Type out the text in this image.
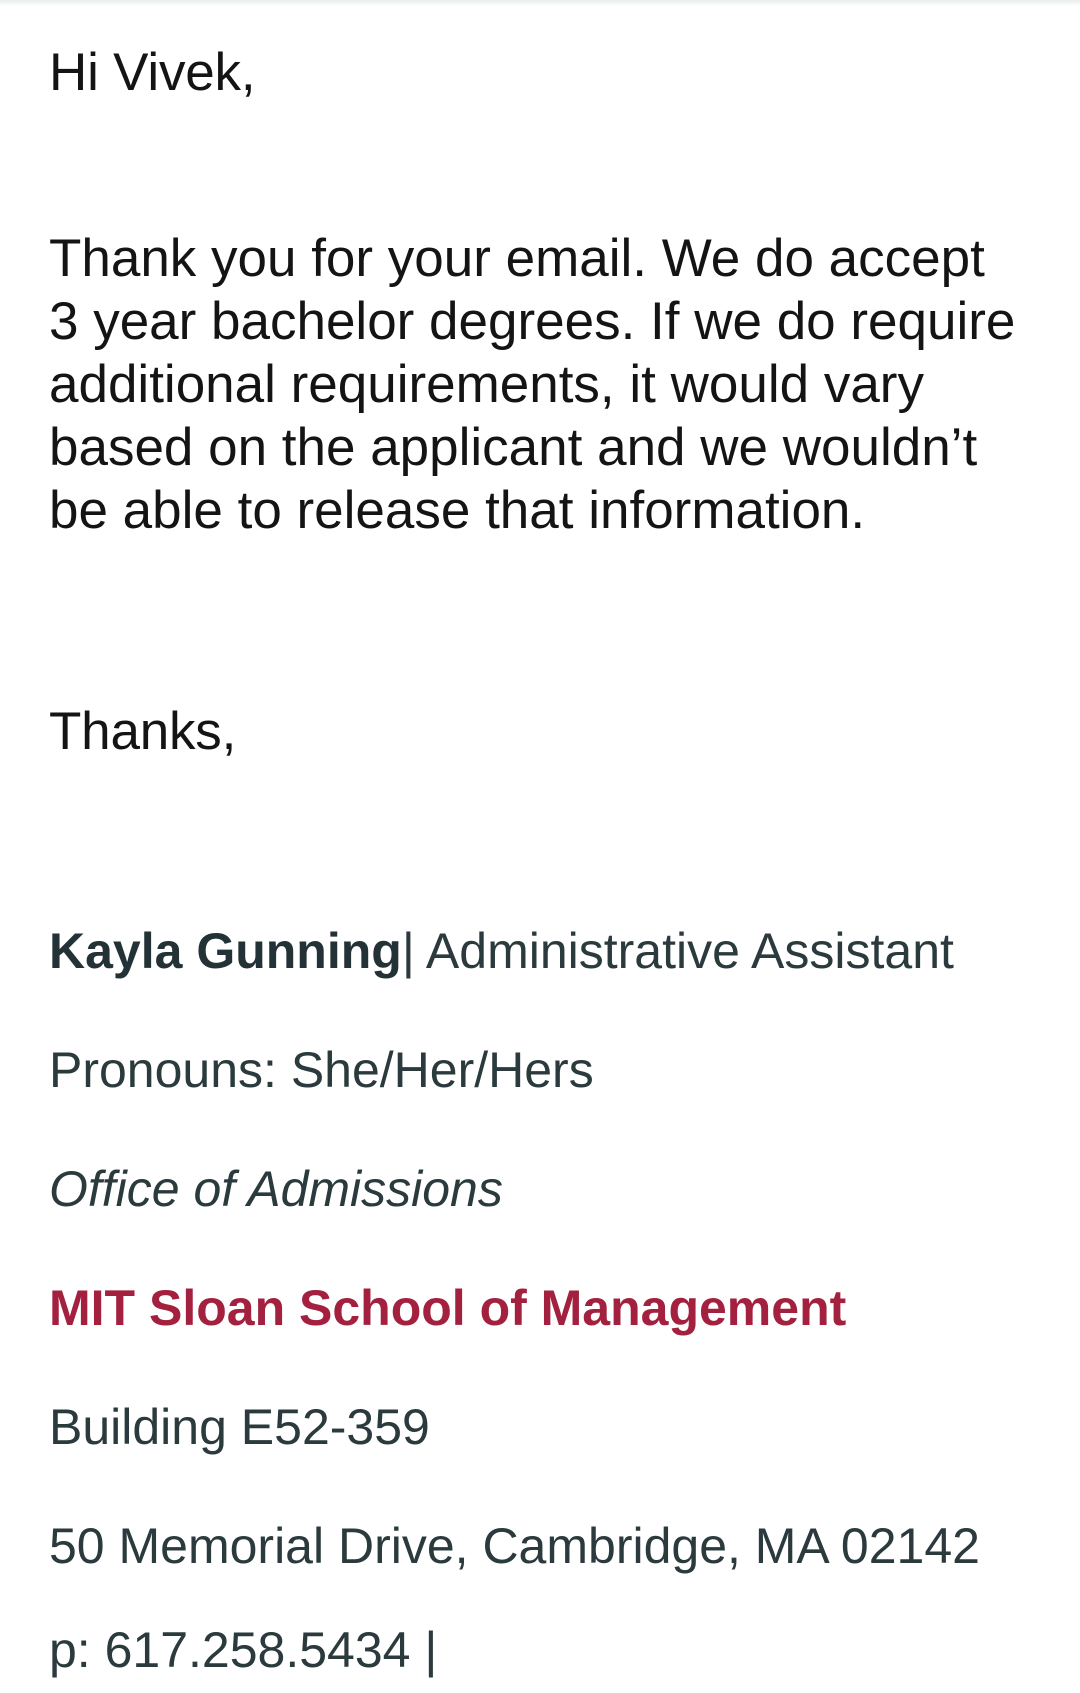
Hi Vivek,
Thank you for your email. We do accept
3 year bachelor degrees. If we do require
additional requirements, it would vary
based on the applicant and we wouldn’t
be able to release that information.
Thanks,
Kayla Gunning| Administrative Assistant
Pronouns: She/Her/Hers
Office of Admissions
MIT Sloan School of Management
Building E52-359
50 Memorial Drive, Cambridge, MA 02142
p: 617.258.5434 |
